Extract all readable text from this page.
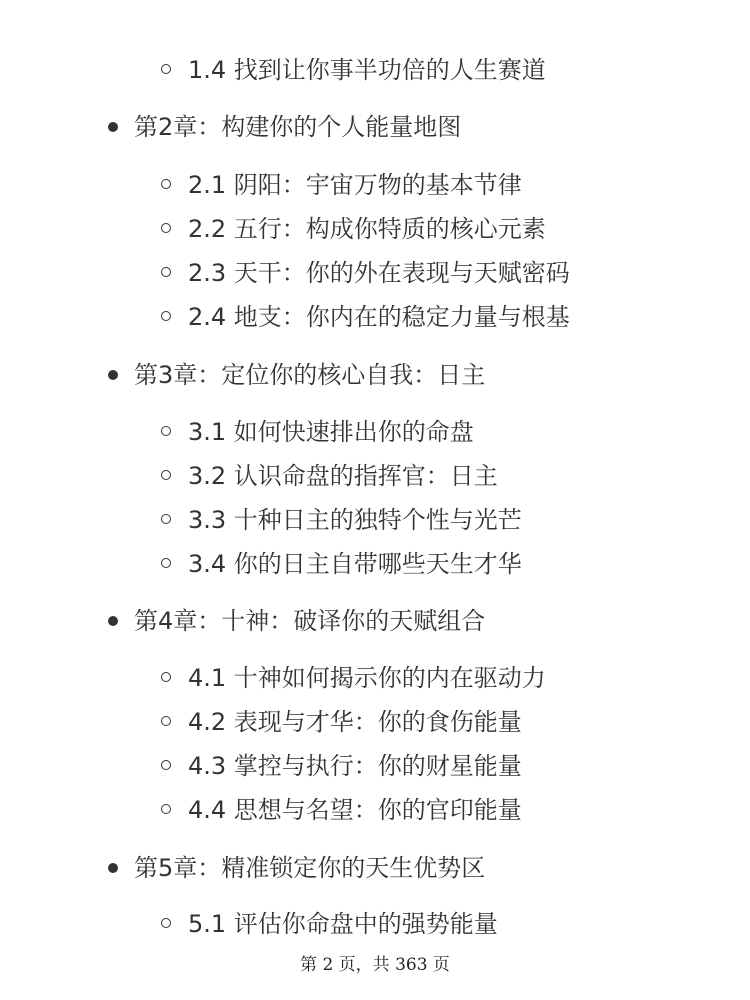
1.4 找到让你事半功倍的人生赛道
第2章：构建你的个人能量地图
2.1 阴阳：宇宙万物的基本节律
2.2 五行：构成你特质的核心元素
2.3 天干：你的外在表现与天赋密码
2.4 地支：你内在的稳定力量与根基
第3章：定位你的核心自我：日主
3.1 如何快速排出你的命盘
3.2 认识命盘的指挥官：日主
3.3 十种日主的独特个性与光芒
3.4 你的日主自带哪些天生才华
第4章：十神：破译你的天赋组合
4.1 十神如何揭示你的内在驱动力
4.2 表现与才华：你的食伤能量
4.3 掌控与执行：你的财星能量
4.4 思想与名望：你的官印能量
第5章：精准锁定你的天生优势区
5.1 评估你命盘中的强势能量
第 2 页，共 363 页
